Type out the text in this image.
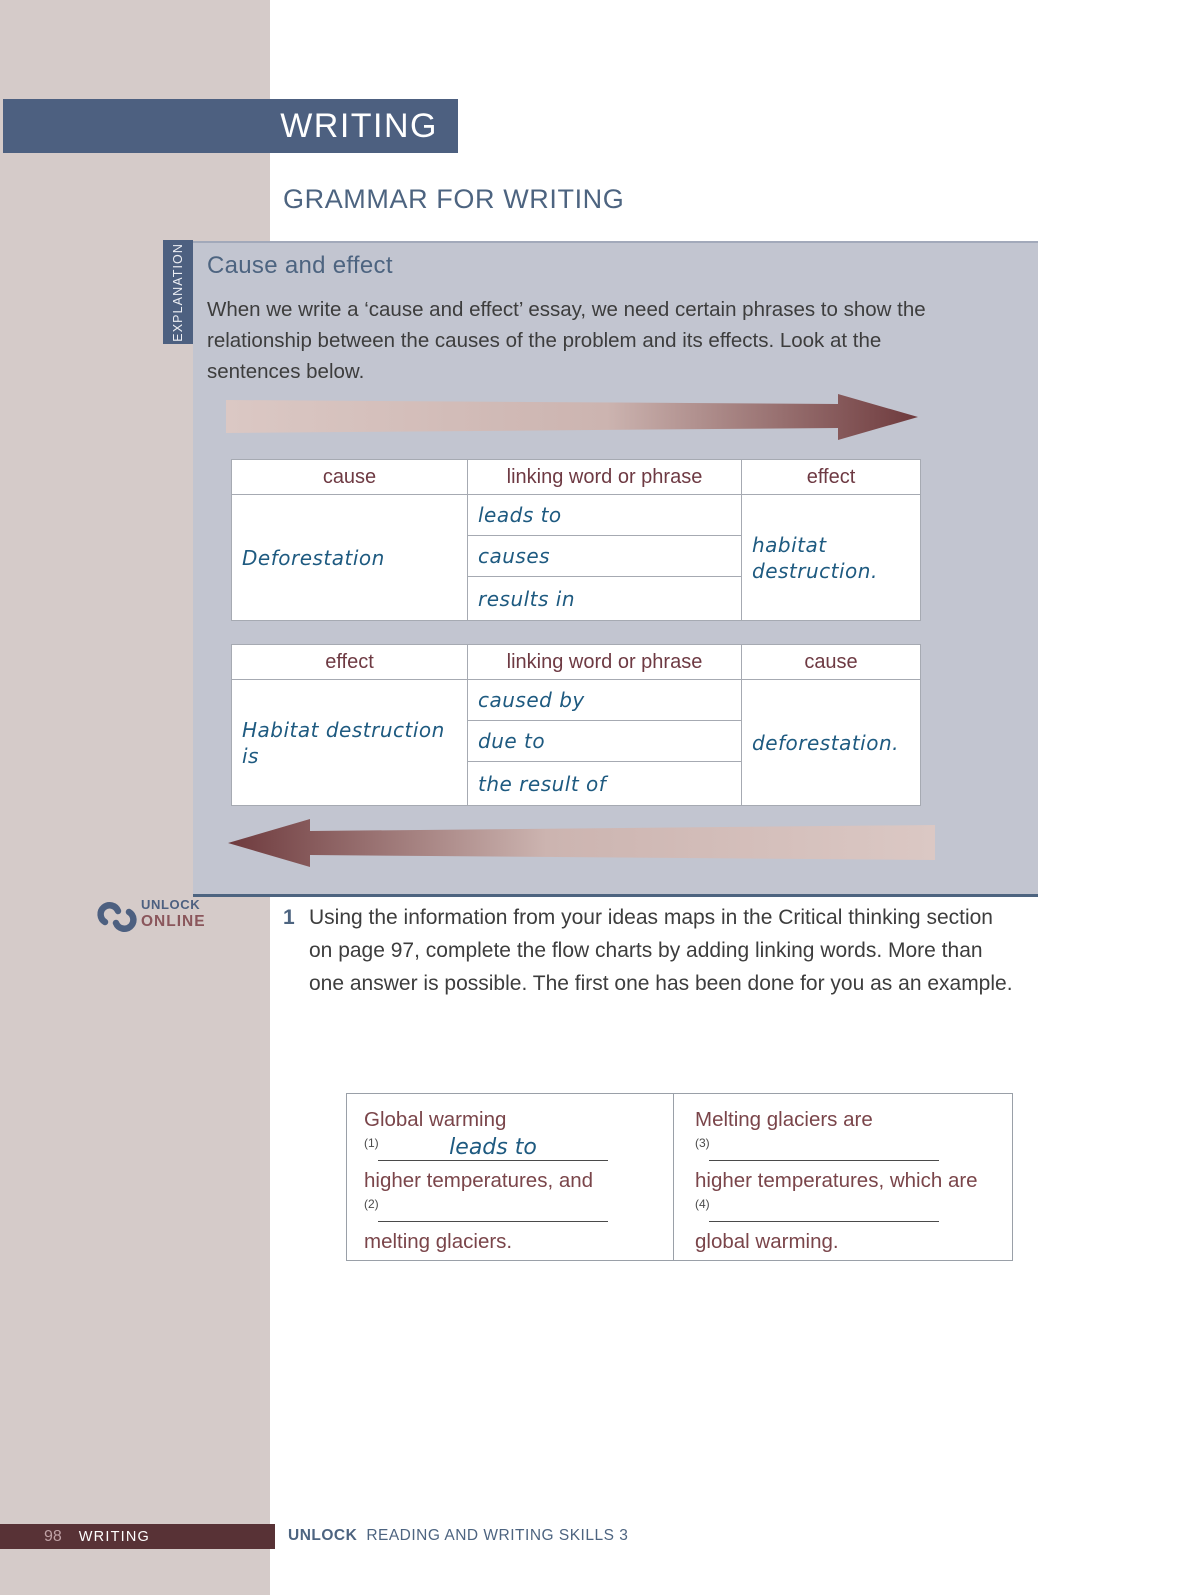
WRITING
GRAMMAR FOR WRITING
EXPLANATION Cause and effect
When we write a ‘cause and effect’ essay, we need certain phrases to show the relationship between the causes of the problem and its effects. Look at the sentences below.
cause	linking word or phrase	effect
Deforestation	leads to	habitat destruction.
	causes	
	results in	
effect	linking word or phrase	cause
Habitat destruction is	caused by	deforestation.
	due to	
	the result of	
UNLOCK
ONLINE	1 Using the information from your ideas maps in the Critical thinking section on page 97, complete the flow charts by adding linking words. More than one answer is possible. The first one has been done for you as an example.
Global warming
(1)	leads to
higher temperatures, and
(2)
melting glaciers.
Melting glaciers are
(3)
higher temperatures, which are
(4)
global warming.
98 WRITING	UNLOCK READING AND WRITING SKILLS 3
